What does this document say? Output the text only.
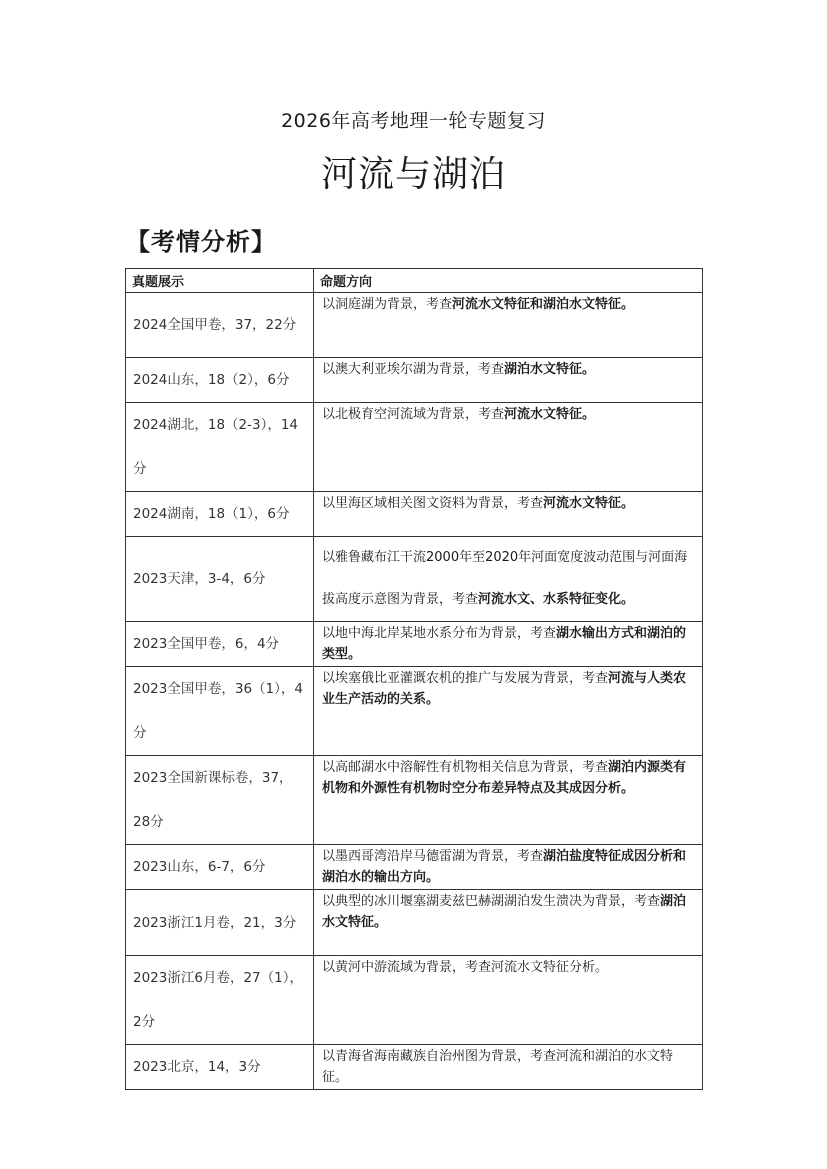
2026年高考地理一轮专题复习
河流与湖泊
【考情分析】
真题展示	命题方向

2024全国甲卷，37，22分	以洞庭湖为背景，考查河流水文特征和湖泊水文特征。

2024山东，18（2），6分	以澳大利亚埃尔湖为背景，考查湖泊水文特征。

2024湖北，18（2-3），14分	以北极育空河流域为背景，考查河流水文特征。

2024湖南，18（1），6分	以里海区域相关图文资料为背景，考查河流水文特征。

2023天津，3-4，6分	以雅鲁藏布江干流2000年至2020年河面宽度波动范围与河面海拔高度示意图为背景，考查河流水文、水系特征变化。

2023全国甲卷，6，4分	以地中海北岸某地水系分布为背景，考查湖水输出方式和湖泊的类型。

2023全国甲卷，36（1），4分	以埃塞俄比亚灌溉农机的推广与发展为背景，考查河流与人类农业生产活动的关系。

2023全国新课标卷，37，28分	以高邮湖水中溶解性有机物相关信息为背景，考查湖泊内源类有机物和外源性有机物时空分布差异特点及其成因分析。

2023山东，6-7，6分	以墨西哥湾沿岸马德雷湖为背景，考查湖泊盐度特征成因分析和湖泊水的输出方向。

2023浙江1月卷，21，3分	以典型的冰川堰塞湖麦兹巴赫湖湖泊发生溃决为背景，考查湖泊水文特征。

2023浙江6月卷，27（1），2分	以黄河中游流域为背景，考查河流水文特征分析。

2023北京，14，3分	以青海省海南藏族自治州图为背景，考查河流和湖泊的水文特征。
